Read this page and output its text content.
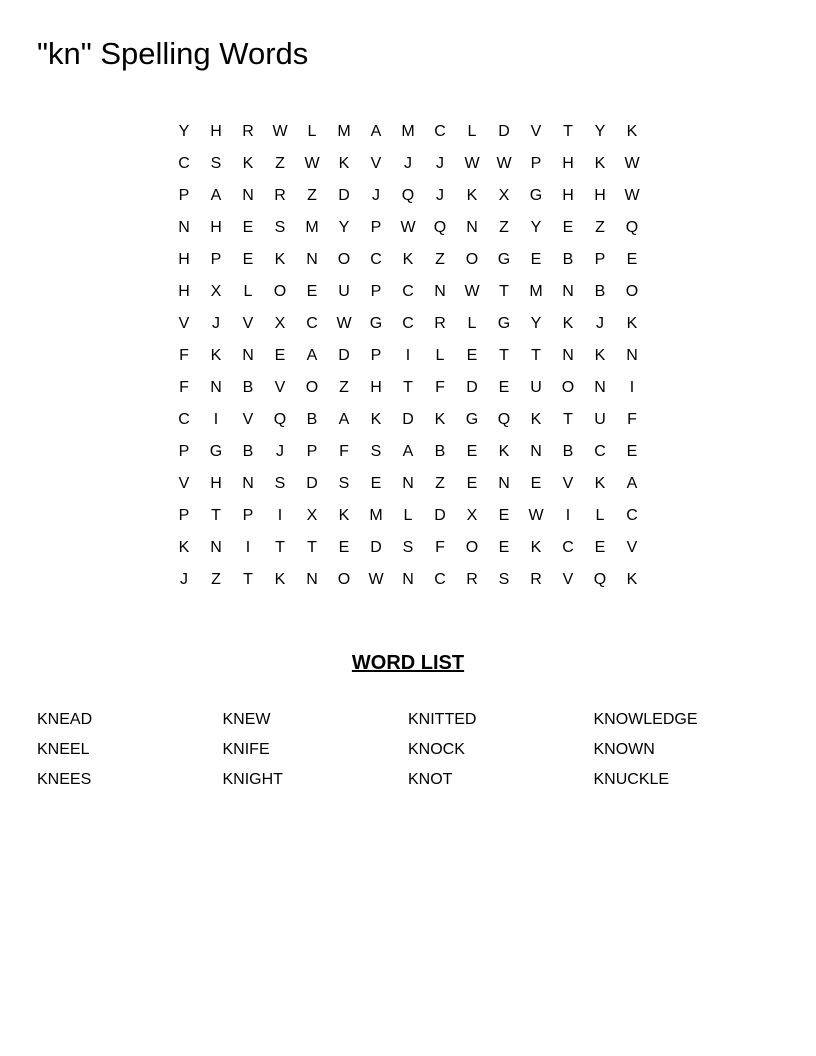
"kn" Spelling Words
Y	H	R	W	L	M	A	M	C	L	D	V	T	Y	K
C	S	K	Z	W	K	V	J	J	W	W	P	H	K	W
P	A	N	R	Z	D	J	Q	J	K	X	G	H	H	W
N	H	E	S	M	Y	P	W	Q	N	Z	Y	E	Z	Q
H	P	E	K	N	O	C	K	Z	O	G	E	B	P	E
H	X	L	O	E	U	P	C	N	W	T	M	N	B	O
V	J	V	X	C	W	G	C	R	L	G	Y	K	J	K
F	K	N	E	A	D	P	I	L	E	T	T	N	K	N
F	N	B	V	O	Z	H	T	F	D	E	U	O	N	I
C	I	V	Q	B	A	K	D	K	G	Q	K	T	U	F
P	G	B	J	P	F	S	A	B	E	K	N	B	C	E
V	H	N	S	D	S	E	N	Z	E	N	E	V	K	A
P	T	P	I	X	K	M	L	D	X	E	W	I	L	C
K	N	I	T	T	E	D	S	F	O	E	K	C	E	V
J	Z	T	K	N	O	W	N	C	R	S	R	V	Q	K
WORD LIST
KNEAD	KNEW	KNITTED	KNOWLEDGE
KNEEL	KNIFE	KNOCK	KNOWN
KNEES	KNIGHT	KNOT	KNUCKLE
